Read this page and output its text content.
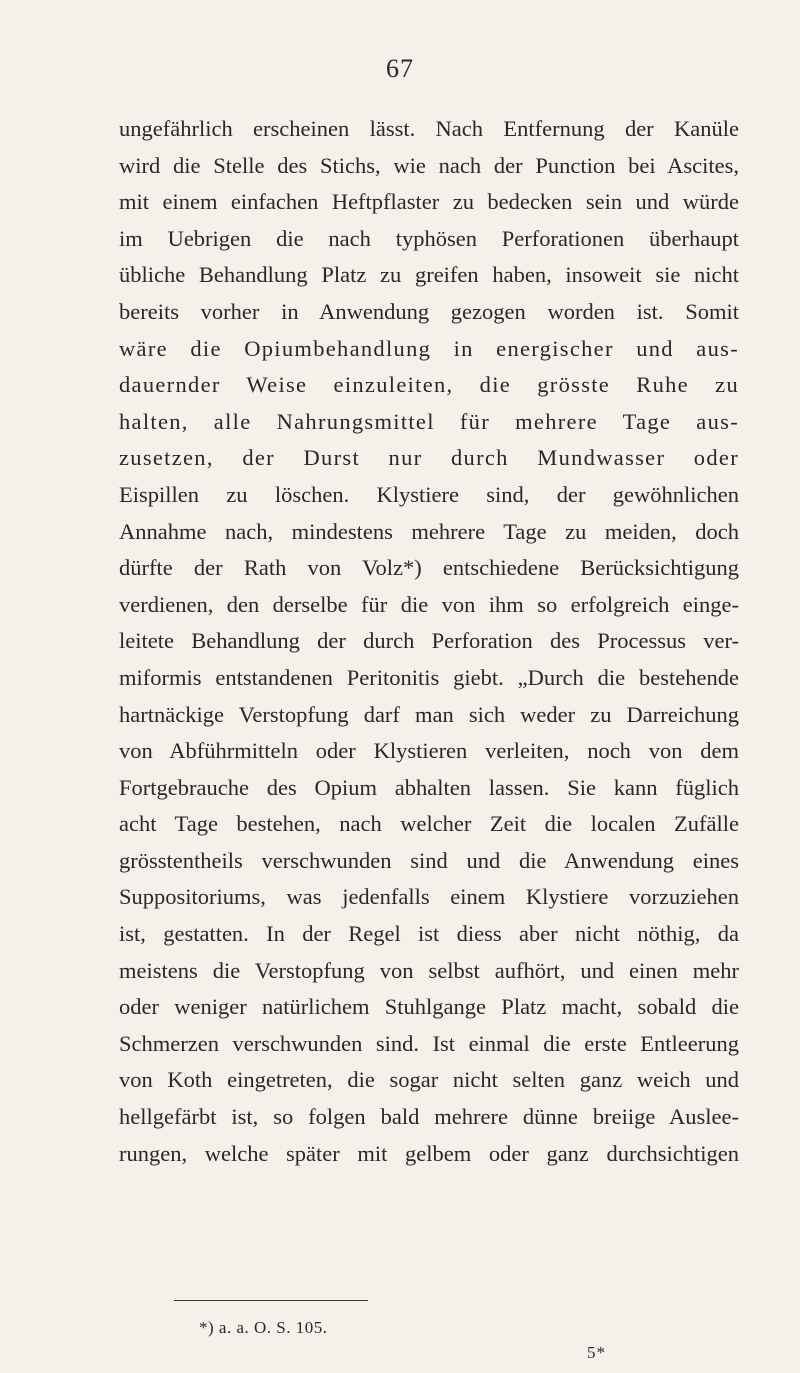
67
ungefährlich erscheinen lässt. Nach Entfernung der Kanüle
wird die Stelle des Stichs, wie nach der Punction bei Ascites,
mit einem einfachen Heftpflaster zu bedecken sein und würde
im Uebrigen die nach typhösen Perforationen überhaupt
übliche Behandlung Platz zu greifen haben, insoweit sie nicht
bereits vorher in Anwendung gezogen worden ist. Somit
wäre die Opiumbehandlung in energischer und aus-
dauernder Weise einzuleiten, die grösste Ruhe zu
halten, alle Nahrungsmittel für mehrere Tage aus-
zusetzen, der Durst nur durch Mundwasser oder
Eispillen zu löschen. Klystiere sind, der gewöhnlichen
Annahme nach, mindestens mehrere Tage zu meiden, doch
dürfte der Rath von Volz*) entschiedene Berücksichtigung
verdienen, den derselbe für die von ihm so erfolgreich einge-
leitete Behandlung der durch Perforation des Processus ver-
miformis entstandenen Peritonitis giebt. „Durch die bestehende
hartnäckige Verstopfung darf man sich weder zu Darreichung
von Abführmitteln oder Klystieren verleiten, noch von dem
Fortgebrauche des Opium abhalten lassen. Sie kann füglich
acht Tage bestehen, nach welcher Zeit die localen Zufälle
grösstentheils verschwunden sind und die Anwendung eines
Suppositoriums, was jedenfalls einem Klystiere vorzuziehen
ist, gestatten. In der Regel ist diess aber nicht nöthig, da
meistens die Verstopfung von selbst aufhört, und einen mehr
oder weniger natürlichem Stuhlgange Platz macht, sobald die
Schmerzen verschwunden sind. Ist einmal die erste Entleerung
von Koth eingetreten, die sogar nicht selten ganz weich und
hellgefärbt ist, so folgen bald mehrere dünne breiige Auslee-
rungen, welche später mit gelbem oder ganz durchsichtigen
*) a. a. O. S. 105.
5*
